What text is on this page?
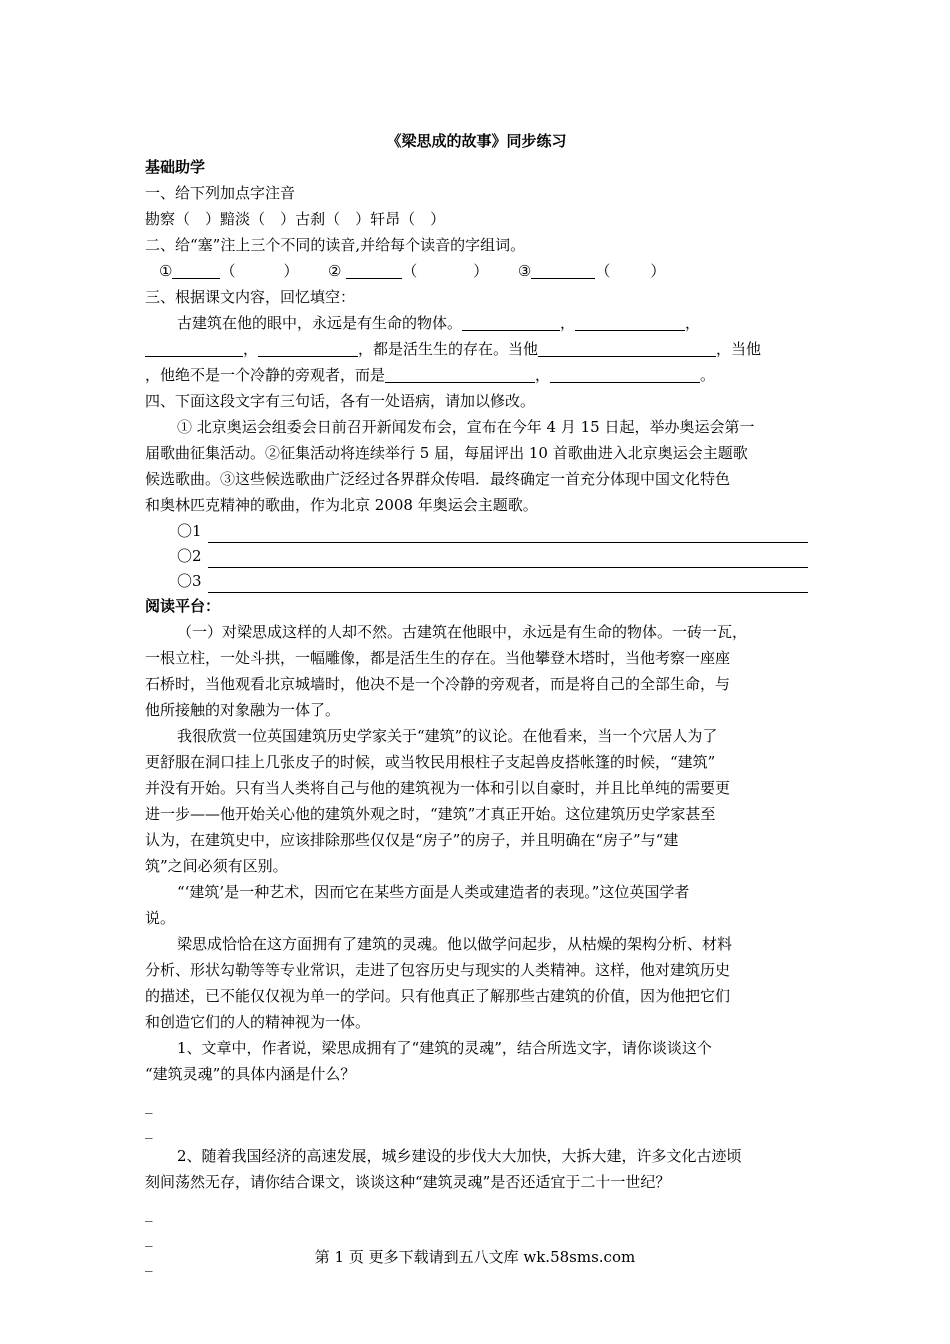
《梁思成的故事》同步练习
基础助学
一、给下列加点字注音
勘察（　）黯淡（　）古刹（　）轩昂（　）
二、给“塞”注上三个不同的读音,并给每个读音的字组词。
①	（	） ②	（	） ③	（	）
三、根据课文内容，回忆填空：
古建筑在他的眼中，永远是有生命的物体。	，	，
，	，都是活生生的存在。当他	，当他
，他绝不是一个冷静的旁观者，而是	，	。
四、下面这段文字有三句话，各有一处语病，请加以修改。
① 北京奥运会组委会日前召开新闻发布会，宣布在今年 4 月 15 日起，举办奥运会第一
届歌曲征集活动。②征集活动将连续举行 5 届，每届评出 10 首歌曲进入北京奥运会主题歌
候选歌曲。③这些候选歌曲广泛经过各界群众传唱．最终确定一首充分体现中国文化特色
和奥林匹克精神的歌曲，作为北京 2008 年奥运会主题歌。
〇1
〇2
〇3
阅读平台：
（一）对梁思成这样的人却不然。古建筑在他眼中，永远是有生命的物体。一砖一瓦，
一根立柱，一处斗拱，一幅雕像，都是活生生的存在。当他攀登木塔时，当他考察一座座
石桥时，当他观看北京城墙时，他决不是一个冷静的旁观者，而是将自己的全部生命，与
他所接触的对象融为一体了。
我很欣赏一位英国建筑历史学家关于“建筑”的议论。在他看来，当一个穴居人为了
更舒服在洞口挂上几张皮子的时候，或当牧民用根柱子支起兽皮搭帐篷的时候，“建筑”
并没有开始。只有当人类将自己与他的建筑视为一体和引以自豪时，并且比单纯的需要更
进一步——他开始关心他的建筑外观之时，“建筑”才真正开始。这位建筑历史学家甚至
认为，在建筑史中，应该排除那些仅仅是“房子”的房子，并且明确在“房子”与“建
筑”之间必须有区别。
“‘建筑’是一种艺术，因而它在某些方面是人类或建造者的表现。”这位英国学者
说。
梁思成恰恰在这方面拥有了建筑的灵魂。他以做学问起步，从枯燥的架构分析、材料
分析、形状勾勒等等专业常识，走进了包容历史与现实的人类精神。这样，他对建筑历史
的描述，已不能仅仅视为单一的学问。只有他真正了解那些古建筑的价值，因为他把它们
和创造它们的人的精神视为一体。
1、文章中，作者说，梁思成拥有了“建筑的灵魂”，结合所选文字，请你谈谈这个
“建筑灵魂”的具体内涵是什么？
_
_
2、随着我国经济的高速发展，城乡建设的步伐大大加快，大拆大建，许多文化古迹顷
刻间荡然无存，请你结合课文，谈谈这种“建筑灵魂”是否还适宜于二十一世纪？
_
_
_	第 1 页 更多下载请到五八文库 wk.58sms.com
